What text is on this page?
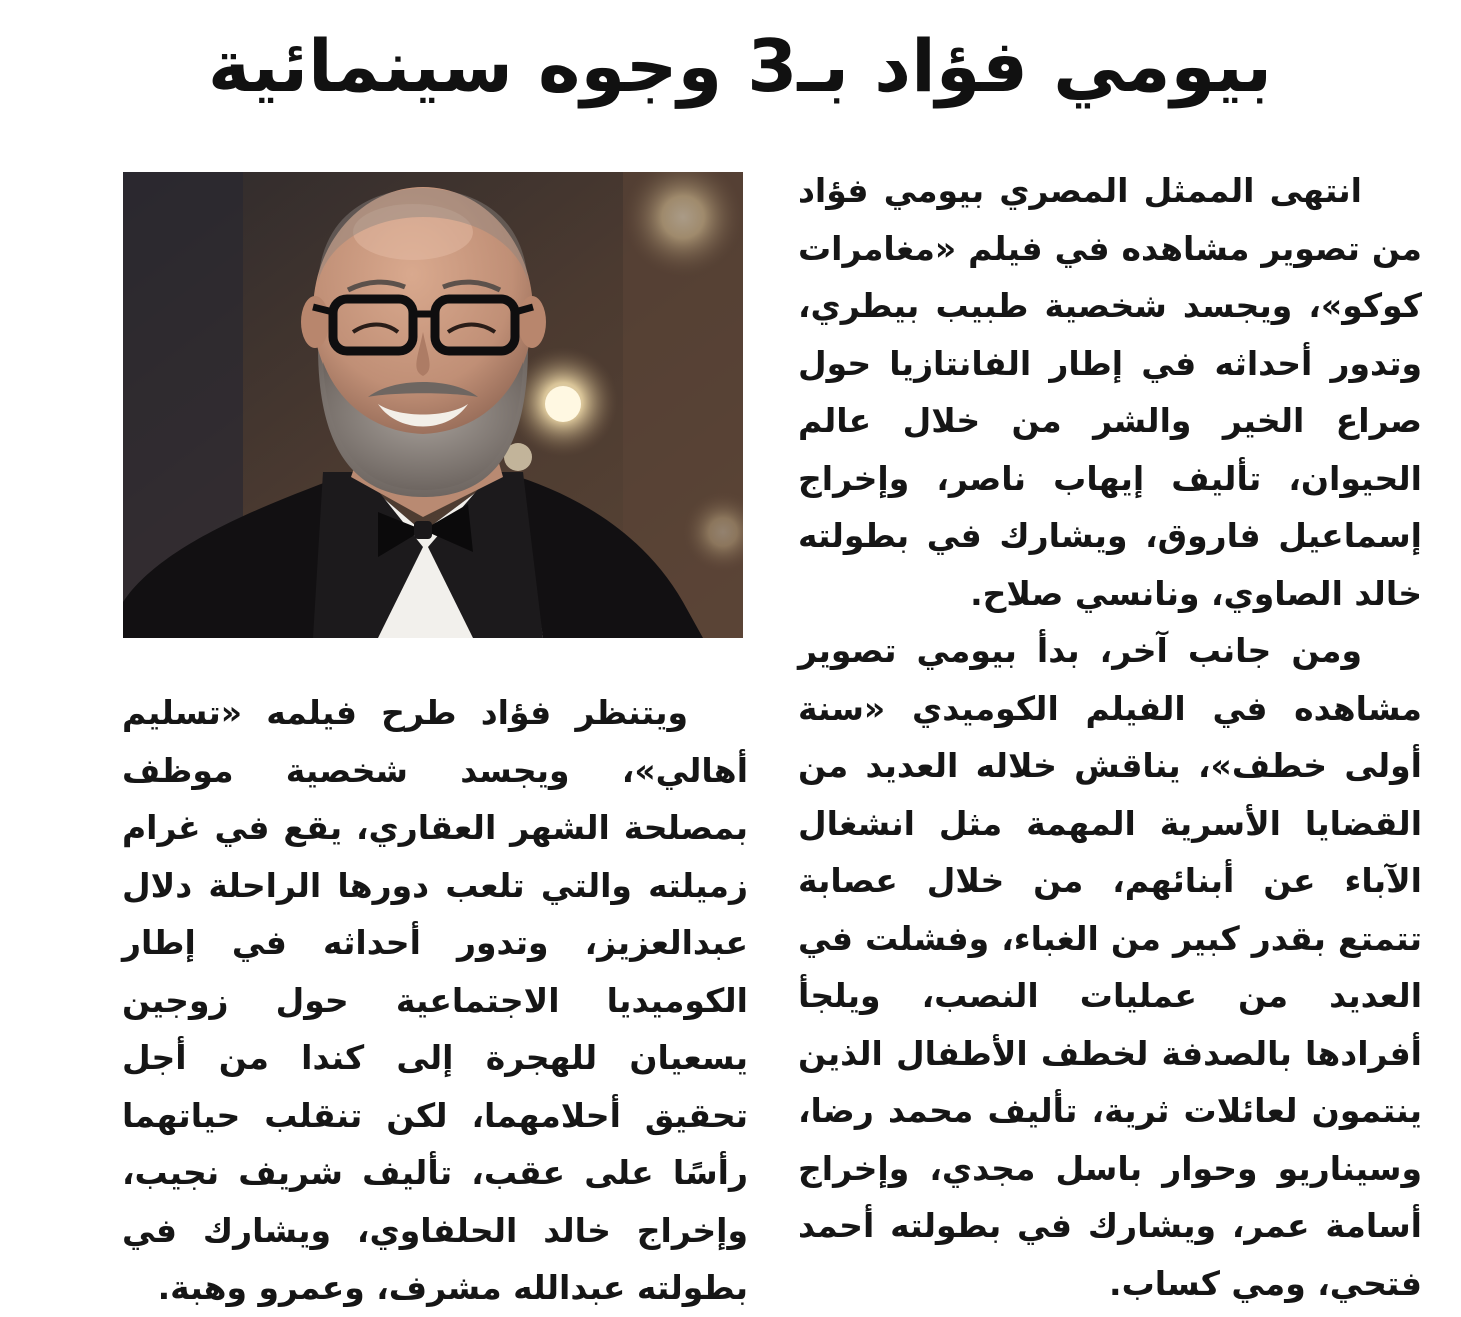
بيومي فؤاد بـ3 وجوه سينمائية

انتهى الممثل المصري بيومي فؤاد من تصوير مشاهده في فيلم «مغامرات كوكو»، ويجسد شخصية طبيب بيطري، وتدور أحداثه في إطار الفانتازيا حول صراع الخير والشر من خلال عالم الحيوان، تأليف إيهاب ناصر، وإخراج إسماعيل فاروق، ويشارك في بطولته خالد الصاوي، ونانسي صلاح.

ومن جانب آخر، بدأ بيومي تصوير مشاهده في الفيلم الكوميدي «سنة أولى خطف»، يناقش خلاله العديد من القضايا الأسرية المهمة مثل انشغال الآباء عن أبنائهم، من خلال عصابة تتمتع بقدر كبير من الغباء، وفشلت في العديد من عمليات النصب، ويلجأ أفرادها بالصدفة لخطف الأطفال الذين ينتمون لعائلات ثرية، تأليف محمد رضا، وسيناريو وحوار باسل مجدي، وإخراج أسامة عمر، ويشارك في بطولته أحمد فتحي، ومي كساب.

ويتنظر فؤاد طرح فيلمه «تسليم أهالي»، ويجسد شخصية موظف بمصلحة الشهر العقاري، يقع في غرام زميلته والتي تلعب دورها الراحلة دلال عبدالعزيز، وتدور أحداثه في إطار الكوميديا الاجتماعية حول زوجين يسعيان للهجرة إلى كندا من أجل تحقيق أحلامهما، لكن تنقلب حياتهما رأسًا على عقب، تأليف شريف نجيب، وإخراج خالد الحلفاوي، ويشارك في بطولته عبدالله مشرف، وعمرو وهبة.
